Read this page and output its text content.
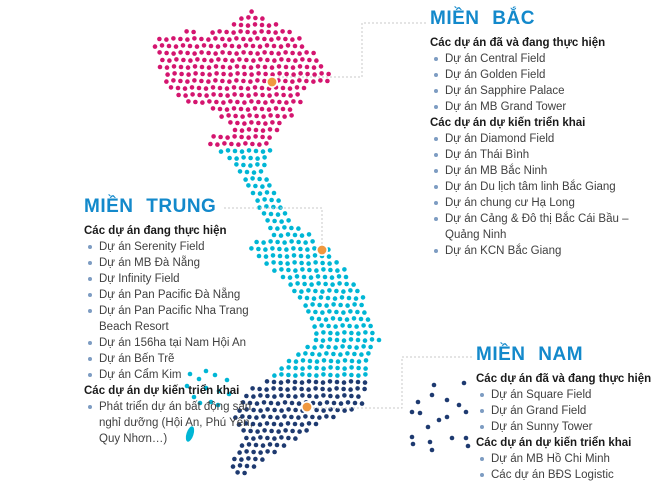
MIỀN BẮC
Các dự án đã và đang thực hiện
Dự án Central Field
Dự án Golden Field
Dự án Sapphire Palace
Dự án MB Grand Tower
Các dự án dự kiến triển khai
Dự án Diamond Field
Dự án Thái Bình
Dự án MB Bắc Ninh
Dự án Du lịch tâm linh Bắc Giang
Dự án chung cư Hạ Long
Dự án Cảng & Đô thị Bắc Cái Bầu – Quảng Ninh
Dự án KCN Bắc Giang
MIỀN TRUNG
Các dự án đang thực hiện
Dự án Serenity Field
Dự án MB Đà Nẵng
Dự Infinity Field
Dự án Pan Pacific Đà Nẵng
Dự án Pan Pacific Nha Trang Beach Resort
Dự án 156ha tại Nam Hội An
Dự án Bến Trẽ
Dự án Cẩm Kim
Các dự án dự kiến triển khai
Phát triển dự án bất động sản nghỉ dưỡng (Hội An, Phú Yên, Quy Nhơn…)
MIỀN NAM
Các dự án đã và đang thực hiện
Dự án Square Field
Dự án Grand Field
Dự án Sunny Tower
Các dự án dự kiến triển khai
Dự án MB Hồ Chi Minh
Các dự án BĐS Logistic
